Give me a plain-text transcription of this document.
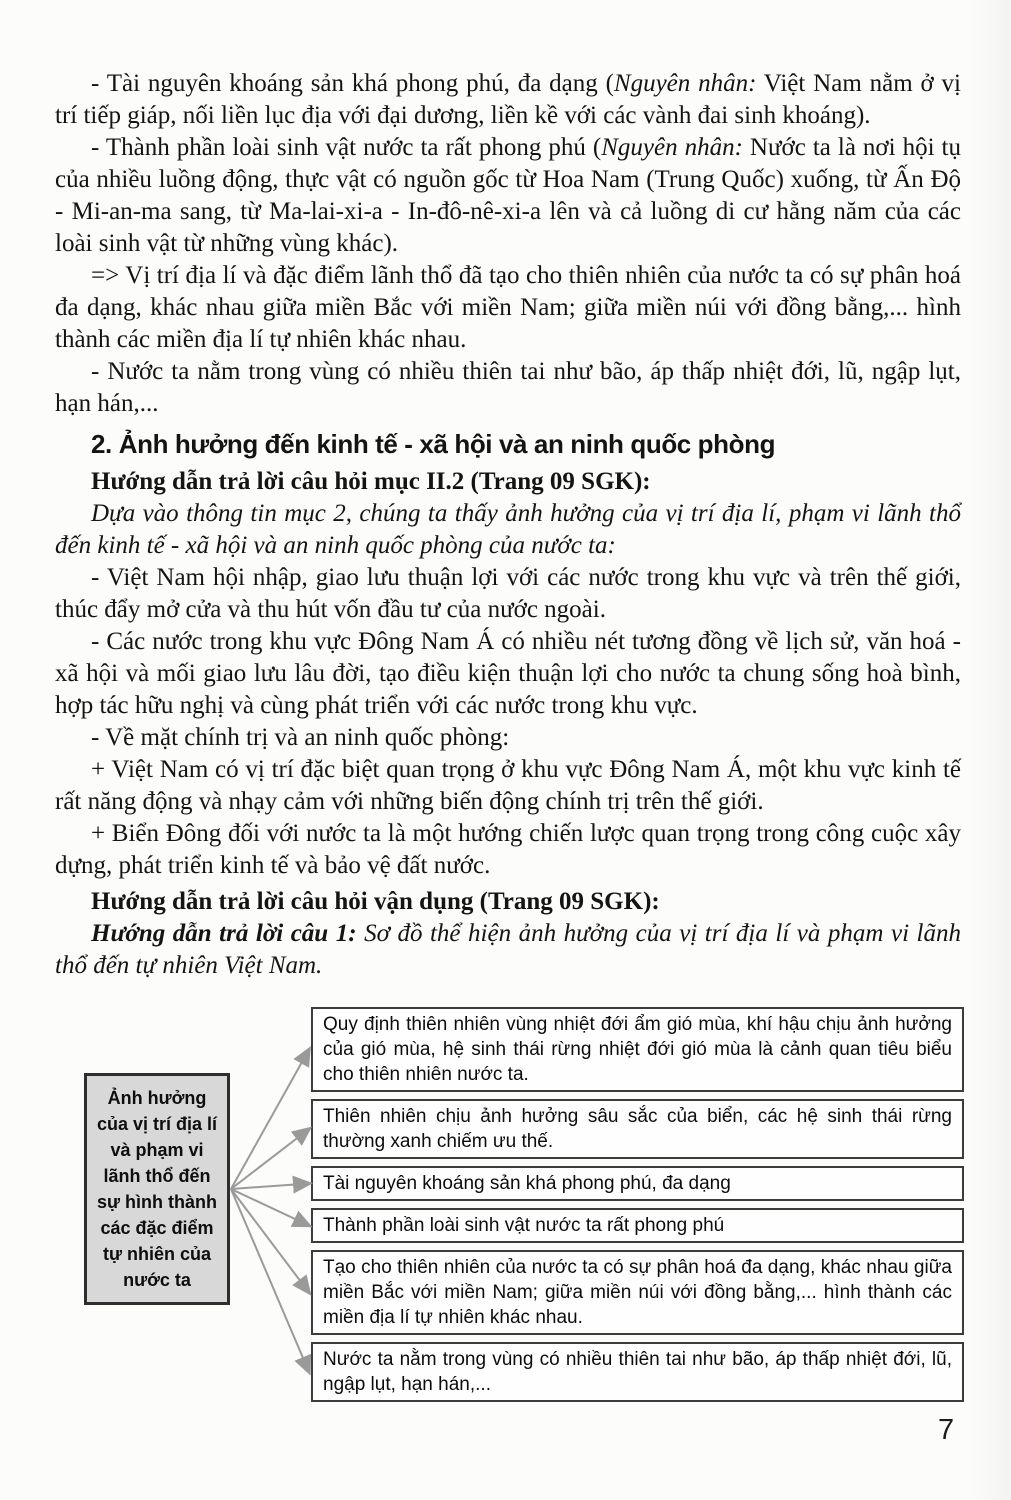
- Tài nguyên khoáng sản khá phong phú, đa dạng (Nguyên nhân: Việt Nam nằm ở vị trí tiếp giáp, nối liền lục địa với đại dương, liền kề với các vành đai sinh khoáng).

- Thành phần loài sinh vật nước ta rất phong phú (Nguyên nhân: Nước ta là nơi hội tụ của nhiều luồng động, thực vật có nguồn gốc từ Hoa Nam (Trung Quốc) xuống, từ Ấn Độ - Mi-an-ma sang, từ Ma-lai-xi-a - In-đô-nê-xi-a lên và cả luồng di cư hằng năm của các loài sinh vật từ những vùng khác).

=> Vị trí địa lí và đặc điểm lãnh thổ đã tạo cho thiên nhiên của nước ta có sự phân hoá đa dạng, khác nhau giữa miền Bắc với miền Nam; giữa miền núi với đồng bằng,... hình thành các miền địa lí tự nhiên khác nhau.

- Nước ta nằm trong vùng có nhiều thiên tai như bão, áp thấp nhiệt đới, lũ, ngập lụt, hạn hán,...

2. Ảnh hưởng đến kinh tế - xã hội và an ninh quốc phòng

Hướng dẫn trả lời câu hỏi mục II.2 (Trang 09 SGK):

Dựa vào thông tin mục 2, chúng ta thấy ảnh hưởng của vị trí địa lí, phạm vi lãnh thổ đến kinh tế - xã hội và an ninh quốc phòng của nước ta:

- Việt Nam hội nhập, giao lưu thuận lợi với các nước trong khu vực và trên thế giới, thúc đẩy mở cửa và thu hút vốn đầu tư của nước ngoài.

- Các nước trong khu vực Đông Nam Á có nhiều nét tương đồng về lịch sử, văn hoá - xã hội và mối giao lưu lâu đời, tạo điều kiện thuận lợi cho nước ta chung sống hoà bình, hợp tác hữu nghị và cùng phát triển với các nước trong khu vực.

- Về mặt chính trị và an ninh quốc phòng:

+ Việt Nam có vị trí đặc biệt quan trọng ở khu vực Đông Nam Á, một khu vực kinh tế rất năng động và nhạy cảm với những biến động chính trị trên thế giới.

+ Biển Đông đối với nước ta là một hướng chiến lược quan trọng trong công cuộc xây dựng, phát triển kinh tế và bảo vệ đất nước.

Hướng dẫn trả lời câu hỏi vận dụng (Trang 09 SGK):

Hướng dẫn trả lời câu 1: Sơ đồ thể hiện ảnh hưởng của vị trí địa lí và phạm vi lãnh thổ đến tự nhiên Việt Nam.

Ảnh hưởng
của vị trí địa lí
và phạm vi
lãnh thổ đến
sự hình thành
các đặc điểm
tự nhiên của
nước ta
Quy định thiên nhiên vùng nhiệt đới ẩm gió mùa, khí hậu chịu ảnh hưởng của gió mùa, hệ sinh thái rừng nhiệt đới gió mùa là cảnh quan tiêu biểu cho thiên nhiên nước ta.
Thiên nhiên chịu ảnh hưởng sâu sắc của biển, các hệ sinh thái rừng thường xanh chiếm ưu thế.
Tài nguyên khoáng sản khá phong phú, đa dạng
Thành phần loài sinh vật nước ta rất phong phú
Tạo cho thiên nhiên của nước ta có sự phân hoá đa dạng, khác nhau giữa miền Bắc với miền Nam; giữa miền núi với đồng bằng,... hình thành các miền địa lí tự nhiên khác nhau.
Nước ta nằm trong vùng có nhiều thiên tai như bão, áp thấp nhiệt đới, lũ, ngập lụt, hạn hán,...
7
